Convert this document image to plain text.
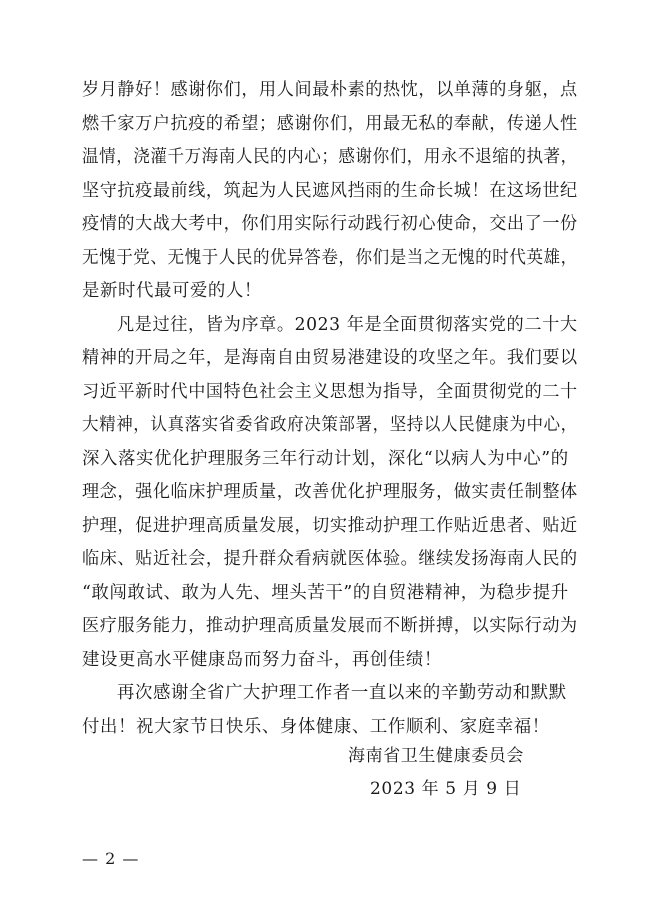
岁月静好！感谢你们，用人间最朴素的热忱，以单薄的身躯，点
燃千家万户抗疫的希望；感谢你们，用最无私的奉献，传递人性
温情，浇灌千万海南人民的内心；感谢你们，用永不退缩的执著，
坚守抗疫最前线，筑起为人民遮风挡雨的生命长城！在这场世纪
疫情的大战大考中，你们用实际行动践行初心使命，交出了一份
无愧于党、无愧于人民的优异答卷，你们是当之无愧的时代英雄，
是新时代最可爱的人！
凡是过往，皆为序章。2023 年是全面贯彻落实党的二十大
精神的开局之年，是海南自由贸易港建设的攻坚之年。我们要以
习近平新时代中国特色社会主义思想为指导，全面贯彻党的二十
大精神，认真落实省委省政府决策部署，坚持以人民健康为中心，
深入落实优化护理服务三年行动计划，深化“以病人为中心”的
理念，强化临床护理质量，改善优化护理服务，做实责任制整体
护理，促进护理高质量发展，切实推动护理工作贴近患者、贴近
临床、贴近社会，提升群众看病就医体验。继续发扬海南人民的
“敢闯敢试、敢为人先、埋头苦干”的自贸港精神，为稳步提升
医疗服务能力，推动护理高质量发展而不断拼搏，以实际行动为
建设更高水平健康岛而努力奋斗，再创佳绩！
再次感谢全省广大护理工作者一直以来的辛勤劳动和默默
付出！祝大家节日快乐、身体健康、工作顺利、家庭幸福！
海南省卫生健康委员会
2023 年 5 月 9 日
— 2 —
